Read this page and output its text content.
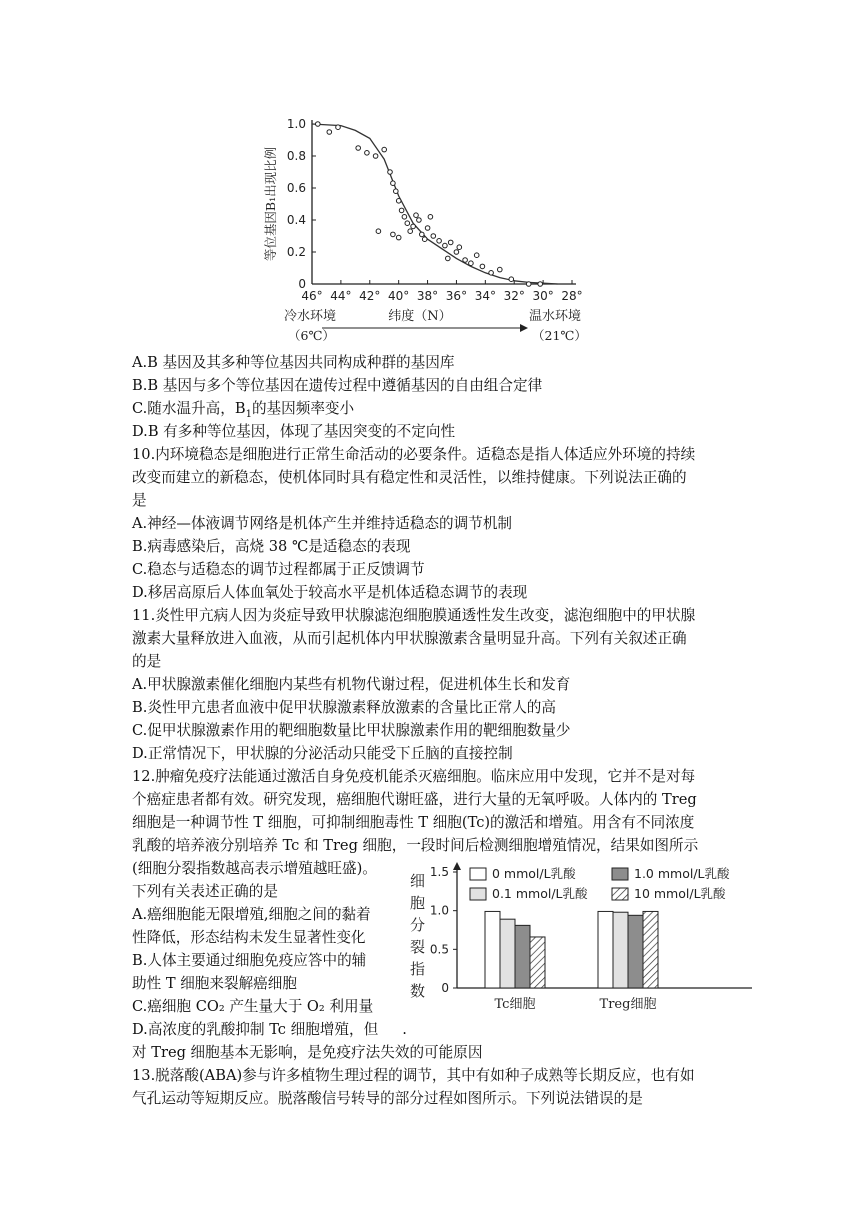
0
0.2
0.4
0.6
0.8
1.0
46° 44° 42° 40° 38° 36° 34° 32° 30° 28°
等位基因B₁出现比例
冷水环境
（6℃）
纬度（N）	温水环境
（21℃）
0
0.5
1.0
1.5
细
胞
分
裂
指
数
0 mmol/L乳酸	1.0 mmol/L乳酸
0.1 mmol/L乳酸	10 mmol/L乳酸
Tc细胞	Treg细胞
A.B 基因及其多种等位基因共同构成种群的基因库
B.B 基因与多个等位基因在遗传过程中遵循基因的自由组合定律
C.随水温升高，$B_1$的基因频率变小
D.B 有多种等位基因，体现了基因突变的不定向性
10.内环境稳态是细胞进行正常生命活动的必要条件。适稳态是指人体适应外环境的持续
改变而建立的新稳态，使机体同时具有稳定性和灵活性，以维持健康。下列说法正确的
是
A.神经—体液调节网络是机体产生并维持适稳态的调节机制
B.病毒感染后，高烧 38 ℃是适稳态的表现
C.稳态与适稳态的调节过程都属于正反馈调节
D.移居高原后人体血氧处于较高水平是机体适稳态调节的表现
11.炎性甲亢病人因为炎症导致甲状腺滤泡细胞膜通透性发生改变，滤泡细胞中的甲状腺
激素大量释放进入血液，从而引起机体内甲状腺激素含量明显升高。下列有关叙述正确
的是
A.甲状腺激素催化细胞内某些有机物代谢过程，促进机体生长和发育
B.炎性甲亢患者血液中促甲状腺激素释放激素的含量比正常人的高
C.促甲状腺激素作用的靶细胞数量比甲状腺激素作用的靶细胞数量少
D.正常情况下，甲状腺的分泌活动只能受下丘脑的直接控制
12.肿瘤免疫疗法能通过激活自身免疫机能杀灭癌细胞。临床应用中发现，它并不是对每
个癌症患者都有效。研究发现，癌细胞代谢旺盛，进行大量的无氧呼吸。人体内的 Treg
细胞是一种调节性 T 细胞，可抑制细胞毒性 T 细胞(Tc)的激活和增殖。用含有不同浓度
乳酸的培养液分别培养 Tc 和 Treg 细胞，一段时间后检测细胞增殖情况，结果如图所示
(细胞分裂指数越高表示增殖越旺盛)。
下列有关表述正确的是
A.癌细胞能无限增殖,细胞之间的黏着
性降低，形态结构未发生显著性变化
B.人体主要通过细胞免疫应答中的辅
助性 T 细胞来裂解癌细胞
C.癌细胞 CO₂ 产生量大于 O₂ 利用量
D.高浓度的乳酸抑制 Tc 细胞增殖，但 .
对 Treg 细胞基本无影响，是免疫疗法失效的可能原因
13.脱落酸(ABA)参与许多植物生理过程的调节，其中有如种子成熟等长期反应，也有如
气孔运动等短期反应。脱落酸信号转导的部分过程如图所示。下列说法错误的是
